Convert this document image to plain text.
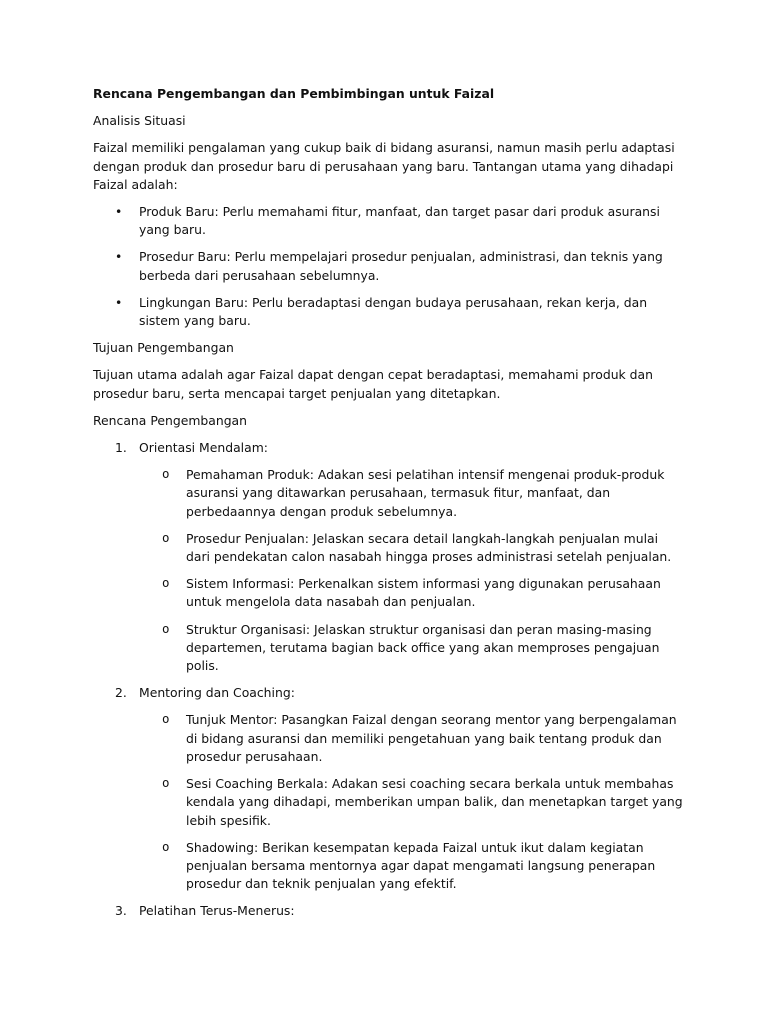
Rencana Pengembangan dan Pembimbingan untuk Faizal
Analisis Situasi
Faizal memiliki pengalaman yang cukup baik di bidang asuransi, namun masih perlu adaptasi dengan produk dan prosedur baru di perusahaan yang baru. Tantangan utama yang dihadapi Faizal adalah:
• Produk Baru: Perlu memahami fitur, manfaat, dan target pasar dari produk asuransi yang baru.
• Prosedur Baru: Perlu mempelajari prosedur penjualan, administrasi, dan teknis yang berbeda dari perusahaan sebelumnya.
• Lingkungan Baru: Perlu beradaptasi dengan budaya perusahaan, rekan kerja, dan sistem yang baru.
Tujuan Pengembangan
Tujuan utama adalah agar Faizal dapat dengan cepat beradaptasi, memahami produk dan prosedur baru, serta mencapai target penjualan yang ditetapkan.
Rencana Pengembangan
1. Orientasi Mendalam:
o Pemahaman Produk: Adakan sesi pelatihan intensif mengenai produk-produk asuransi yang ditawarkan perusahaan, termasuk fitur, manfaat, dan perbedaannya dengan produk sebelumnya.
o Prosedur Penjualan: Jelaskan secara detail langkah-langkah penjualan mulai dari pendekatan calon nasabah hingga proses administrasi setelah penjualan.
o Sistem Informasi: Perkenalkan sistem informasi yang digunakan perusahaan untuk mengelola data nasabah dan penjualan.
o Struktur Organisasi: Jelaskan struktur organisasi dan peran masing-masing departemen, terutama bagian back office yang akan memproses pengajuan polis.
2. Mentoring dan Coaching:
o Tunjuk Mentor: Pasangkan Faizal dengan seorang mentor yang berpengalaman di bidang asuransi dan memiliki pengetahuan yang baik tentang produk dan prosedur perusahaan.
o Sesi Coaching Berkala: Adakan sesi coaching secara berkala untuk membahas kendala yang dihadapi, memberikan umpan balik, dan menetapkan target yang lebih spesifik.
o Shadowing: Berikan kesempatan kepada Faizal untuk ikut dalam kegiatan penjualan bersama mentornya agar dapat mengamati langsung penerapan prosedur dan teknik penjualan yang efektif.
3. Pelatihan Terus-Menerus:
